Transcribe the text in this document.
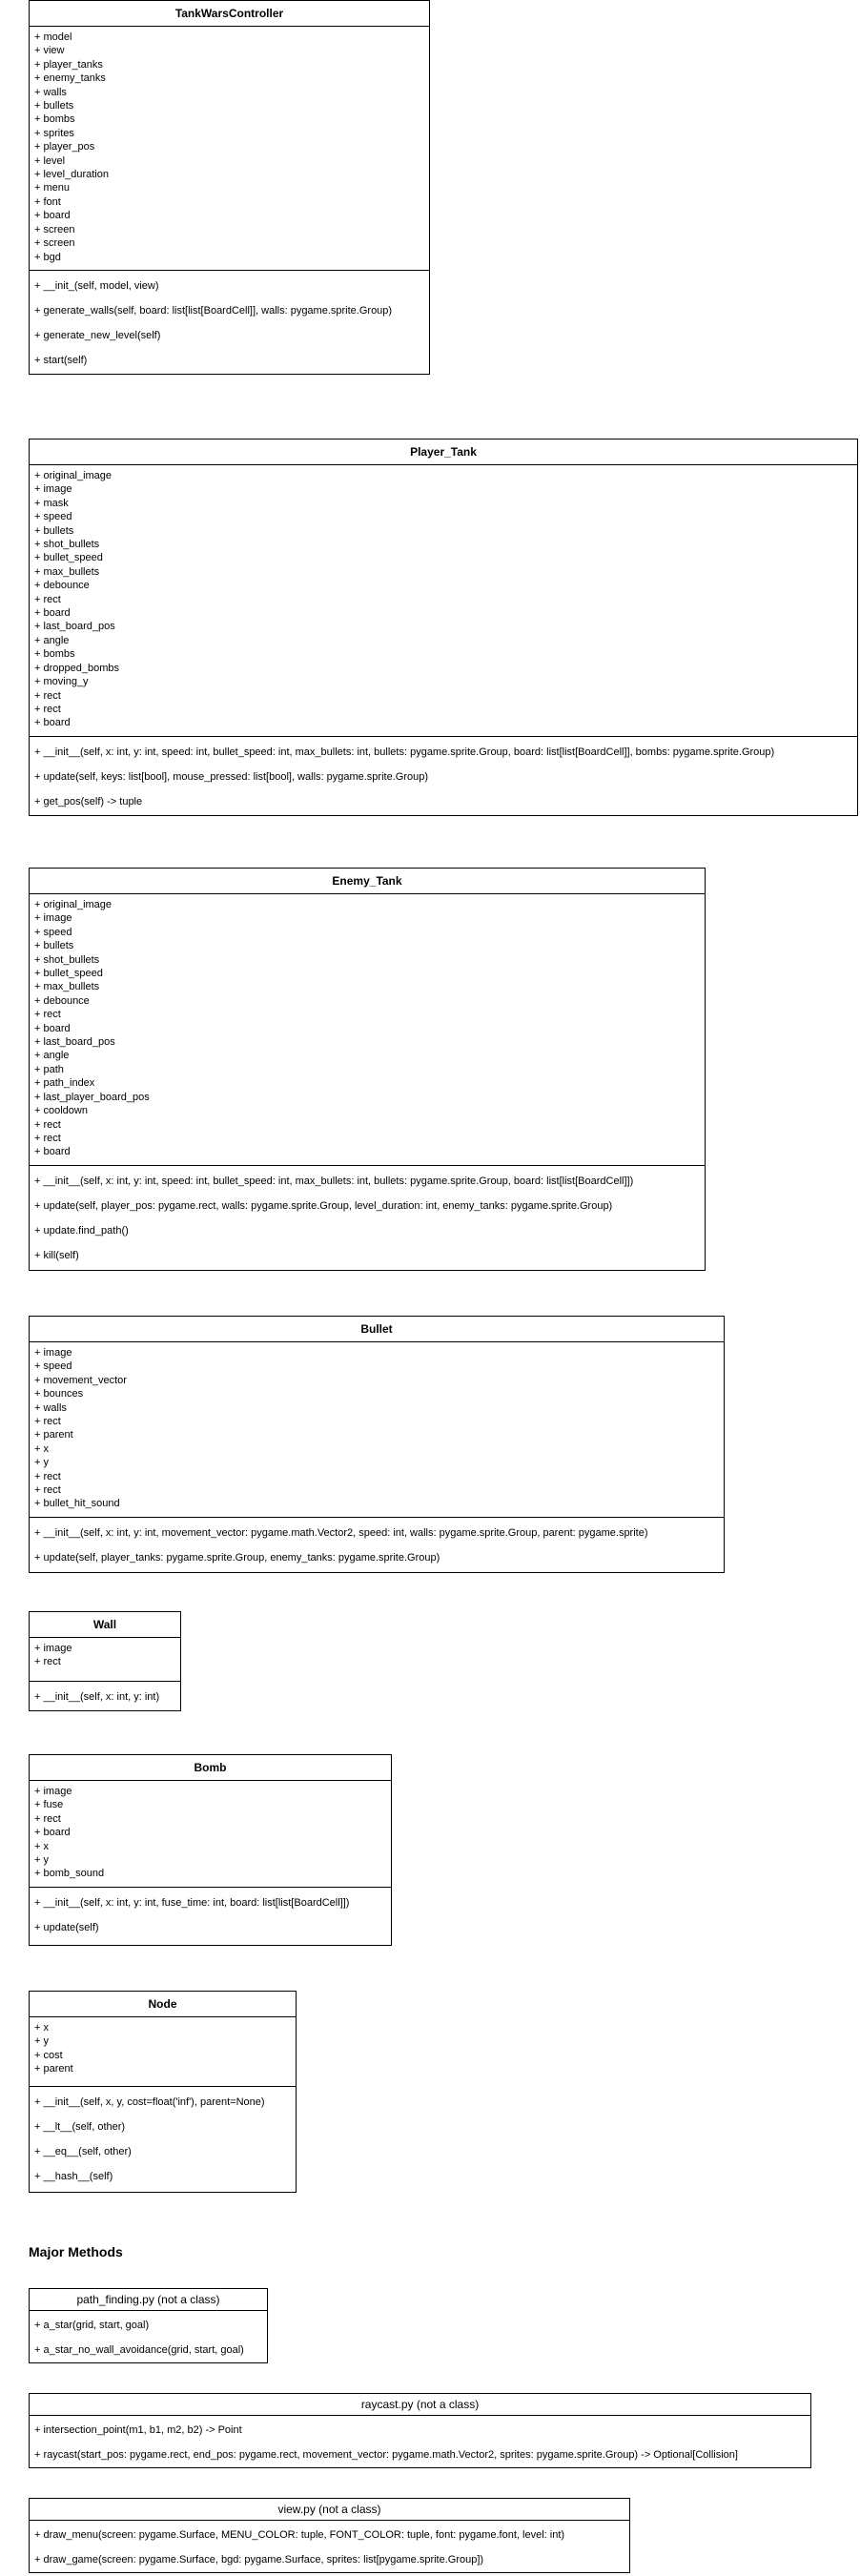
TankWarsController
+ model
+ view
+ player_tanks
+ enemy_tanks
+ walls
+ bullets
+ bombs
+ sprites
+ player_pos
+ level
+ level_duration
+ menu
+ font
+ board
+ screen
+ screen
+ bgd
+ __init_(self, model, view)
+ generate_walls(self, board: list[list[BoardCell]], walls: pygame.sprite.Group)
+ generate_new_level(self)
+ start(self)
Player_Tank
+ original_image
+ image
+ mask
+ speed
+ bullets
+ shot_bullets
+ bullet_speed
+ max_bullets
+ debounce
+ rect
+ board
+ last_board_pos
+ angle
+ bombs
+ dropped_bombs
+ moving_y
+ rect
+ rect
+ board
+ __init__(self, x: int, y: int, speed: int, bullet_speed: int, max_bullets: int, bullets: pygame.sprite.Group, board: list[list[BoardCell]], bombs: pygame.sprite.Group)
+ update(self, keys: list[bool], mouse_pressed: list[bool], walls: pygame.sprite.Group)
+ get_pos(self) -> tuple
Enemy_Tank
+ original_image
+ image
+ speed
+ bullets
+ shot_bullets
+ bullet_speed
+ max_bullets
+ debounce
+ rect
+ board
+ last_board_pos
+ angle
+ path
+ path_index
+ last_player_board_pos
+ cooldown
+ rect
+ rect
+ board
+ __init__(self, x: int, y: int, speed: int, bullet_speed: int, max_bullets: int, bullets: pygame.sprite.Group, board: list[list[BoardCell]])
+ update(self, player_pos: pygame.rect, walls: pygame.sprite.Group, level_duration: int, enemy_tanks: pygame.sprite.Group)
+ update.find_path()
+ kill(self)
Bullet
+ image
+ speed
+ movement_vector
+ bounces
+ walls
+ rect
+ parent
+ x
+ y
+ rect
+ rect
+ bullet_hit_sound
+ __init__(self, x: int, y: int, movement_vector: pygame.math.Vector2, speed: int, walls: pygame.sprite.Group, parent: pygame.sprite)
+ update(self, player_tanks: pygame.sprite.Group, enemy_tanks: pygame.sprite.Group)
Wall
+ image
+ rect
+ __init__(self, x: int, y: int)
Bomb
+ image
+ fuse
+ rect
+ board
+ x
+ y
+ bomb_sound
+ __init__(self, x: int, y: int, fuse_time: int, board: list[list[BoardCell]])
+ update(self)
Node
+ x
+ y
+ cost
+ parent
+ __init__(self, x, y, cost=float('inf'), parent=None)
+ __lt__(self, other)
+ __eq__(self, other)
+ __hash__(self)
Major Methods
path_finding.py (not a class)
+ a_star(grid, start, goal)
+ a_star_no_wall_avoidance(grid, start, goal)
raycast.py (not a class)
+ intersection_point(m1, b1, m2, b2) -> Point
+ raycast(start_pos: pygame.rect, end_pos: pygame.rect, movement_vector: pygame.math.Vector2, sprites: pygame.sprite.Group) -> Optional[Collision]
view.py (not a class)
+ draw_menu(screen: pygame.Surface, MENU_COLOR: tuple, FONT_COLOR: tuple, font: pygame.font, level: int)
+ draw_game(screen: pygame.Surface, bgd: pygame.Surface, sprites: list[pygame.sprite.Group])
